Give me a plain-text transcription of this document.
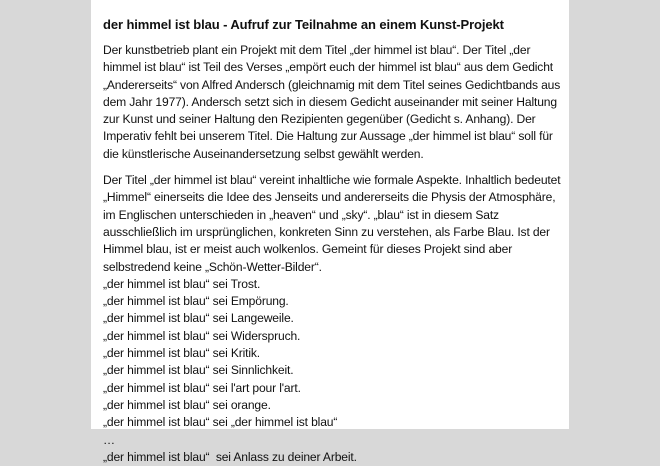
der himmel ist blau - Aufruf zur Teilnahme an einem Kunst-Projekt

Der kunstbetrieb plant ein Projekt mit dem Titel „der himmel ist blau“. Der Titel „der himmel ist blau“ ist Teil des Verses „empört euch der himmel ist blau“ aus dem Gedicht „Andererseits“ von Alfred Andersch (gleichnamig mit dem Titel seines Gedichtbands aus dem Jahr 1977). Andersch setzt sich in diesem Gedicht auseinander mit seiner Haltung zur Kunst und seiner Haltung den Rezipienten gegenüber (Gedicht s. Anhang). Der Imperativ fehlt bei unserem Titel. Die Haltung zur Aussage „der himmel ist blau“ soll für die künstlerische Auseinandersetzung selbst gewählt werden.

Der Titel „der himmel ist blau“ vereint inhaltliche wie formale Aspekte. Inhaltlich bedeutet „Himmel“ einerseits die Idee des Jenseits und andererseits die Physis der Atmosphäre, im Englischen unterschieden in „heaven“ und „sky“. „blau“ ist in diesem Satz ausschließlich im ursprünglichen, konkreten Sinn zu verstehen, als Farbe Blau. Ist der Himmel blau, ist er meist auch wolkenlos. Gemeint für dieses Projekt sind aber selbstredend keine „Schön-Wetter-Bilder“.

„der himmel ist blau“ sei Trost.
„der himmel ist blau“ sei Empörung.
„der himmel ist blau“ sei Langeweile.
„der himmel ist blau“ sei Widerspruch.
„der himmel ist blau“ sei Kritik.
„der himmel ist blau“ sei Sinnlichkeit.
„der himmel ist blau“ sei l'art pour l'art.
„der himmel ist blau“ sei orange.
„der himmel ist blau“ sei „der himmel ist blau“
…
„der himmel ist blau“  sei Anlass zu deiner Arbeit.
